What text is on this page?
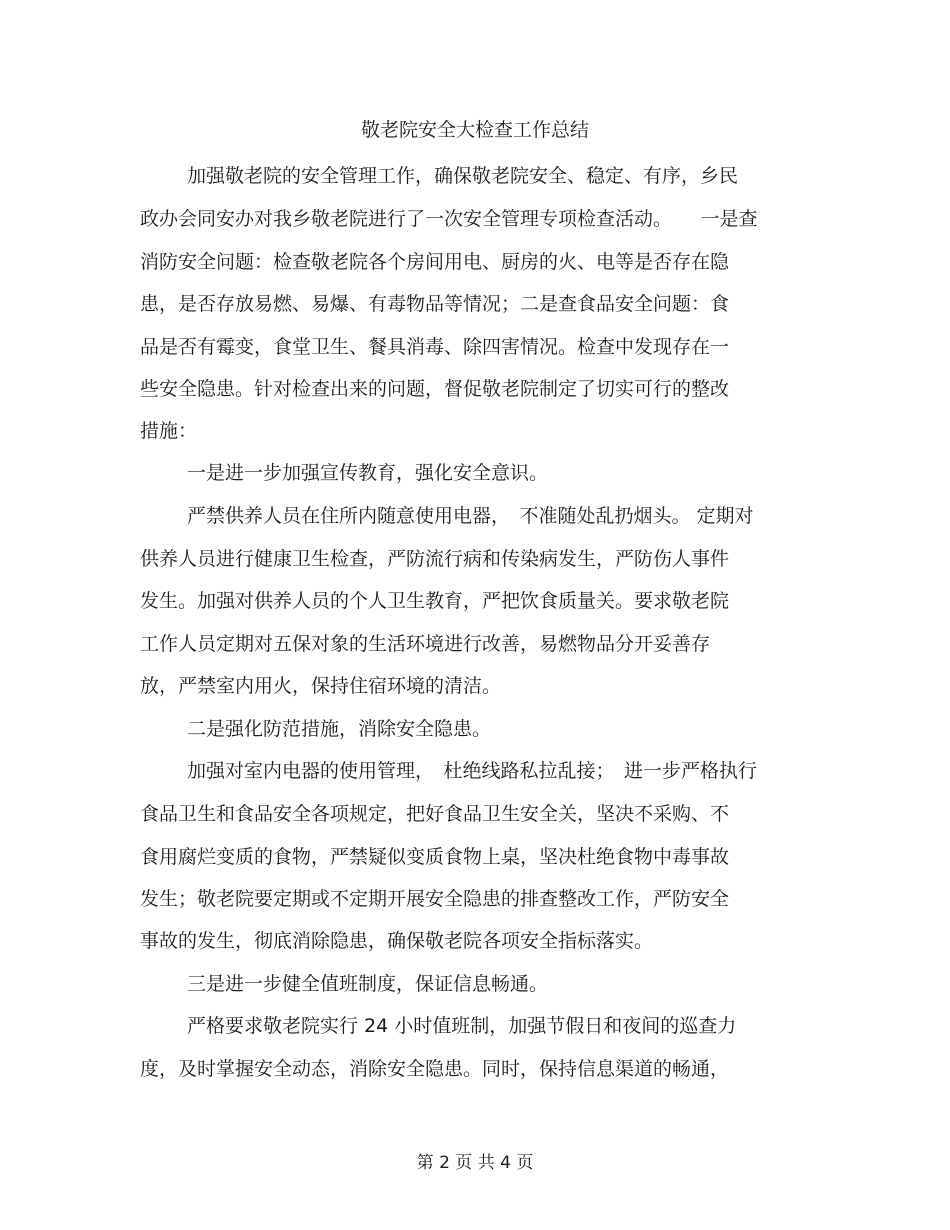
敬老院安全大检查工作总结

加强敬老院的安全管理工作，确保敬老院安全、稳定、有序，乡民

政办会同安办对我乡敬老院进行了一次安全管理专项检查活动。　　一是查

消防安全问题：检查敬老院各个房间用电、厨房的火、电等是否存在隐

患，是否存放易燃、易爆、有毒物品等情况；二是查食品安全问题：食

品是否有霉变，食堂卫生、餐具消毒、除四害情况。检查中发现存在一

些安全隐患。针对检查出来的问题，督促敬老院制定了切实可行的整改

措施：

一是进一步加强宣传教育，强化安全意识。

严禁供养人员在住所内随意使用电器，　不准随处乱扔烟头。 定期对

供养人员进行健康卫生检查，严防流行病和传染病发生，严防伤人事件

发生。加强对供养人员的个人卫生教育，严把饮食质量关。要求敬老院

工作人员定期对五保对象的生活环境进行改善，易燃物品分开妥善存

放，严禁室内用火，保持住宿环境的清洁。

二是强化防范措施，消除安全隐患。

加强对室内电器的使用管理，　杜绝线路私拉乱接；　进一步严格执行

食品卫生和食品安全各项规定，把好食品卫生安全关，坚决不采购、不

食用腐烂变质的食物，严禁疑似变质食物上桌，坚决杜绝食物中毒事故

发生；敬老院要定期或不定期开展安全隐患的排查整改工作，严防安全

事故的发生，彻底消除隐患，确保敬老院各项安全指标落实。

三是进一步健全值班制度，保证信息畅通。

严格要求敬老院实行 24 小时值班制，加强节假日和夜间的巡查力

度，及时掌握安全动态，消除安全隐患。同时，保持信息渠道的畅通，

第 2 页 共 4 页
